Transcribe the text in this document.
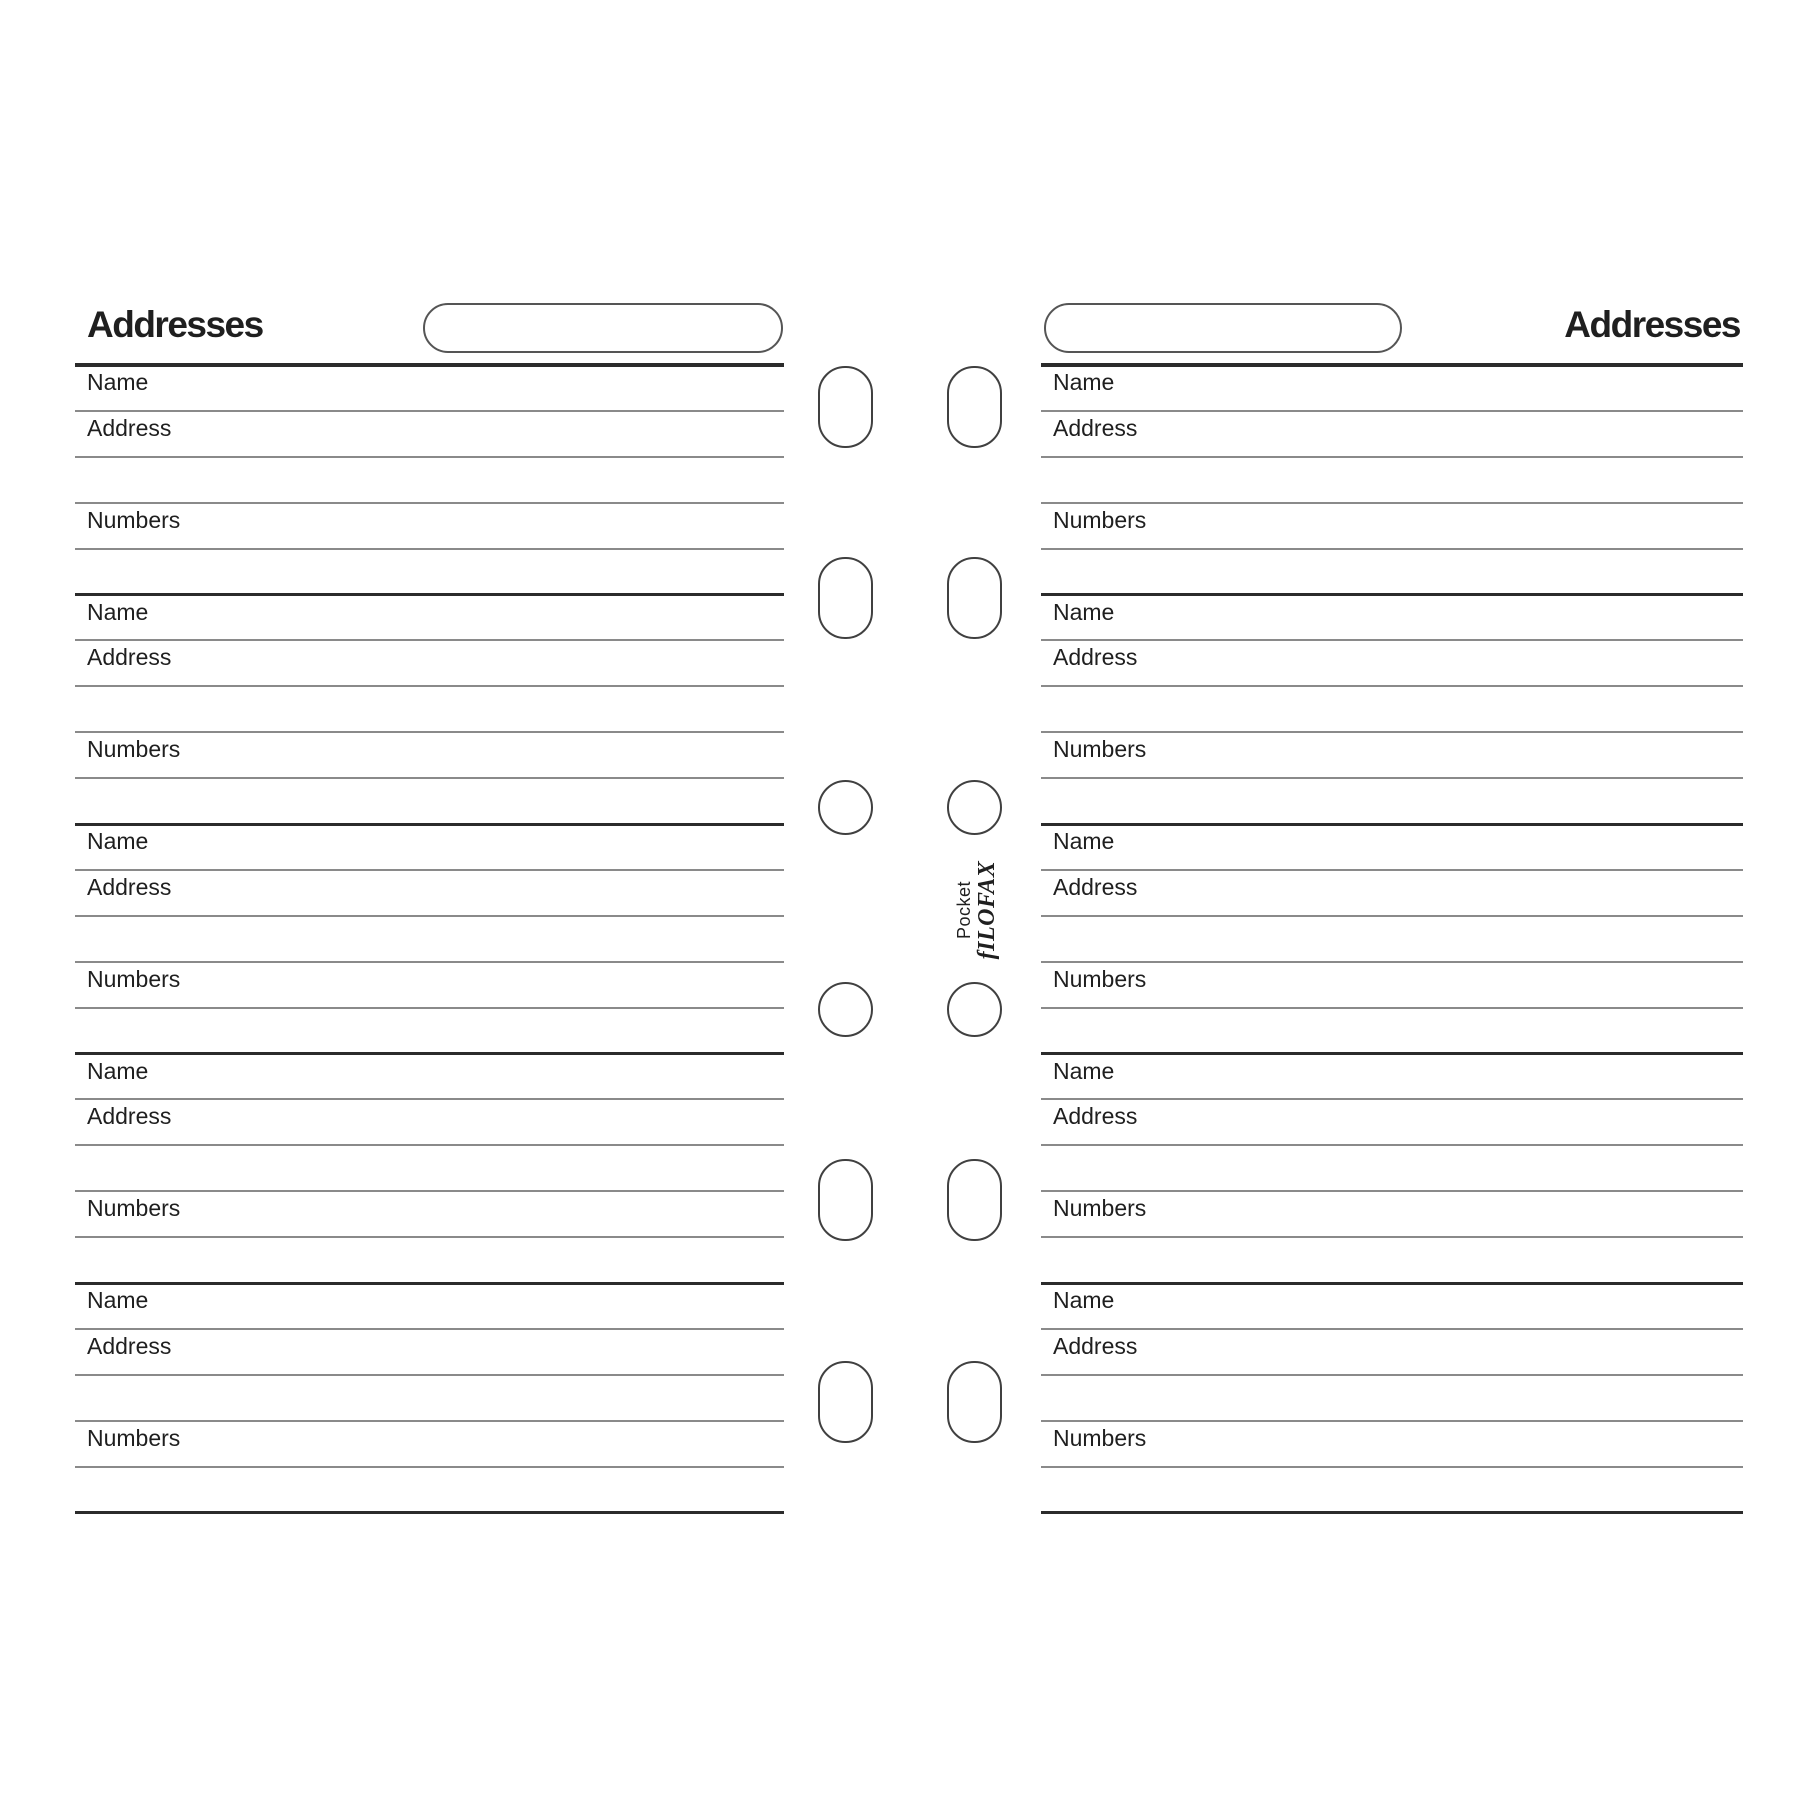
Addresses
Name
Address
Numbers
Name
Address
Numbers
Name
Address
Numbers
Name
Address
Numbers
Name
Address
Numbers
Addresses
Name
Address
Numbers
Name
Address
Numbers
Name
Address
Numbers
Name
Address
Numbers
Name
Address
Numbers
Pocket fILOFAX
